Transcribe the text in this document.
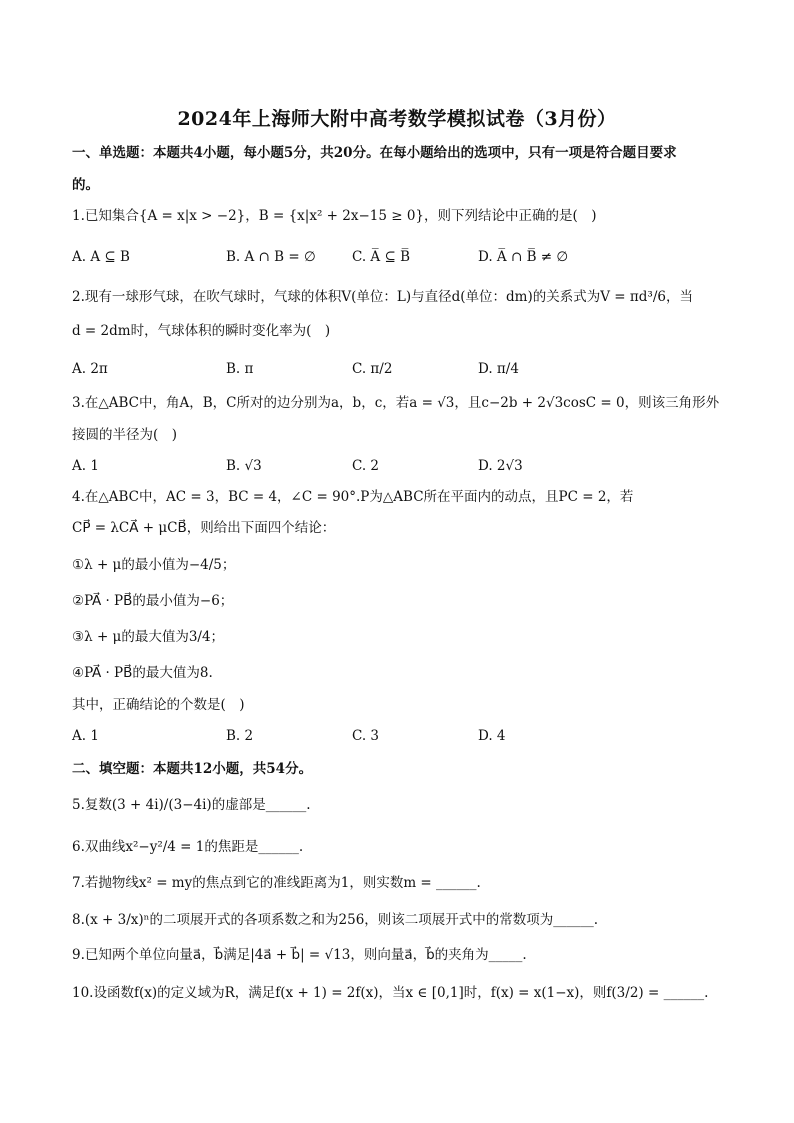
2024年上海师大附中高考数学模拟试卷（3月份）
一、单选题：本题共4小题，每小题5分，共20分。在每小题给出的选项中，只有一项是符合题目要求
的。
1.已知集合{A = x|x > −2}，B = {x|x² + 2x−15 ≥ 0}，则下列结论中正确的是(　)
A. A ⊆ B	B. A ∩ B = ∅	C. A̅ ⊆ B̅	D. A̅ ∩ B̅ ≠ ∅
2.现有一球形气球，在吹气球时，气球的体积V(单位：L)与直径d(单位：dm)的关系式为V = πd³/6，当
d = 2dm时，气球体积的瞬时变化率为(　)
A. 2π	B. π	C. π/2	D. π/4
3.在△ABC中，角A，B，C所对的边分别为a，b，c，若a = √3，且c−2b + 2√3cosC = 0，则该三角形外
接圆的半径为(　)
A. 1	B. √3	C. 2	D. 2√3
4.在△ABC中，AC = 3，BC = 4，∠C = 90°.P为△ABC所在平面内的动点，且PC = 2，若
CP⃗ = λCA⃗ + μCB⃗，则给出下面四个结论：
①λ + μ的最小值为−4/5；
②PA⃗ · PB⃗的最小值为−6；
③λ + μ的最大值为3/4；
④PA⃗ · PB⃗的最大值为8.
其中，正确结论的个数是(　)
A. 1	B. 2	C. 3	D. 4
二、填空题：本题共12小题，共54分。
5.复数(3 + 4i)/(3−4i)的虚部是______.
6.双曲线x²−y²/4 = 1的焦距是______.
7.若抛物线x² = my的焦点到它的准线距离为1，则实数m = ______.
8.(x + 3/x)ⁿ的二项展开式的各项系数之和为256，则该二项展开式中的常数项为______.
9.已知两个单位向量a⃗，b⃗满足|4a⃗ + b⃗| = √13，则向量a⃗，b⃗的夹角为_____.
10.设函数f(x)的定义域为R，满足f(x + 1) = 2f(x)，当x ∈ [0,1]时，f(x) = x(1−x)，则f(3/2) = ______.
